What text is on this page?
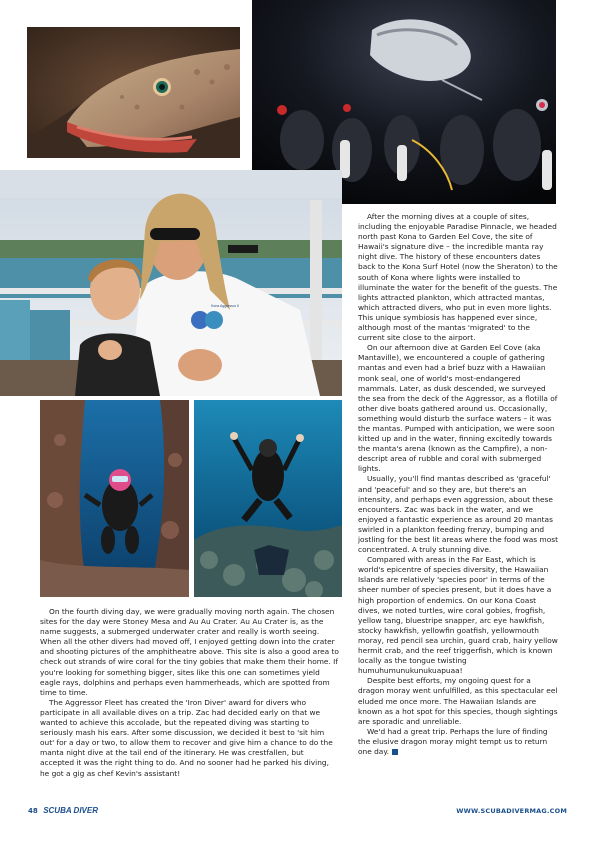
Kona Aggressor II

After the morning dives at a couple of sites, including the enjoyable Paradise Pinnacle, we headed north past Kona to Garden Eel Cove, the site of Hawaii's signature dive – the incredible manta ray night dive. The history of these encounters dates back to the Kona Surf Hotel (now the Sheraton) to the south of Kona where lights were installed to illuminate the water for the benefit of the guests. The lights attracted plankton, which attracted mantas, which attracted divers, who put in even more lights. This unique symbiosis has happened ever since, although most of the mantas 'migrated' to the current site close to the airport.

On our afternoon dive at Garden Eel Cove (aka Mantaville), we encountered a couple of gathering mantas and even had a brief buzz with a Hawaiian monk seal, one of world's most-endangered mammals. Later, as dusk descended, we surveyed the sea from the deck of the Aggressor, as a flotilla of other dive boats gathered around us. Occasionally, something would disturb the surface waters – it was the mantas. Pumped with anticipation, we were soon kitted up and in the water, finning excitedly towards the manta's arena (known as the Campfire), a non-descript area of rubble and coral with submerged lights.

Usually, you'll find mantas described as 'graceful' and 'peaceful' and so they are, but there's an intensity, and perhaps even aggression, about these encounters. Zac was back in the water, and we enjoyed a fantastic experience as around 20 mantas swirled in a plankton feeding frenzy, bumping and jostling for the best lit areas where the food was most concentrated. A truly stunning dive.

Compared with areas in the Far East, which is world's epicentre of species diversity, the Hawaiian Islands are relatively 'species poor' in terms of the sheer number of species present, but it does have a high proportion of endemics. On our Kona Coast dives, we noted turtles, wire coral gobies, frogfish, yellow tang, bluestripe snapper, arc eye hawkfish, stocky hawkfish, yellowfin goatfish, yellowmouth moray, red pencil sea urchin, guard crab, hairy yellow hermit crab, and the reef triggerfish, which is known locally as the tongue twisting humuhumunukunukuapuaa!

Despite best efforts, my ongoing quest for a dragon moray went unfulfilled, as this spectacular eel eluded me once more. The Hawaiian Islands are known as a hot spot for this species, though sightings are sporadic and unreliable.

We'd had a great trip. Perhaps the lure of finding the elusive dragon moray might tempt us to return one day.

On the fourth diving day, we were gradually moving north again. The chosen sites for the day were Stoney Mesa and Au Au Crater. Au Au Crater is, as the name suggests, a submerged underwater crater and really is worth seeing. When all the other divers had moved off, I enjoyed getting down into the crater and shooting pictures of the amphitheatre above. This site is also a good area to check out strands of wire coral for the tiny gobies that make them their home. If you're looking for something bigger, sites like this one can sometimes yield eagle rays, dolphins and perhaps even hammerheads, which are spotted from time to time.

The Aggressor Fleet has created the 'Iron Diver' award for divers who participate in all available dives on a trip. Zac had decided early on that we wanted to achieve this accolade, but the repeated diving was starting to seriously mash his ears. After some discussion, we decided it best to 'sit him out' for a day or two, to allow them to recover and give him a chance to do the manta night dive at the tail end of the itinerary. He was crestfallen, but accepted it was the right thing to do. And no sooner had he parked his diving, he got a gig as chef Kevin's assistant!

48 SCUBA DIVER	WWW.SCUBADIVERMAG.COM
